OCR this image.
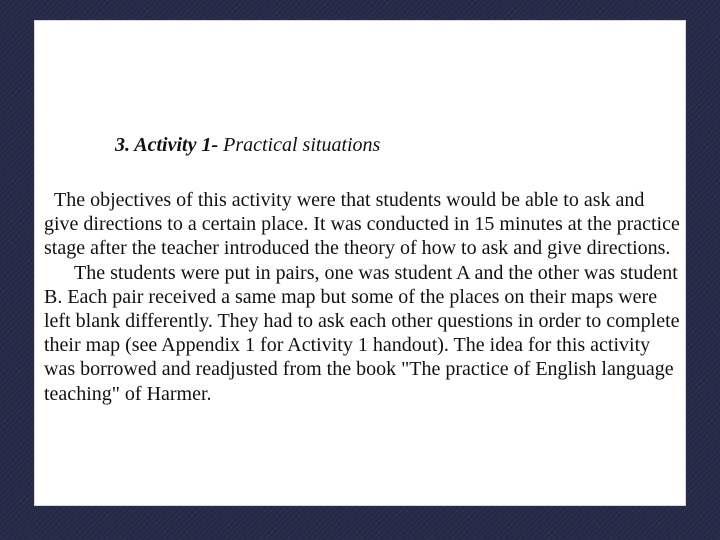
3. Activity 1- Practical situations

The objectives of this activity were that students would be able to ask and give directions to a certain place. It was conducted in 15 minutes at the practice stage after the teacher introduced the theory of how to ask and give directions.

The students were put in pairs, one was student A and the other was student B. Each pair received a same map but some of the places on their maps were left blank differently. They had to ask each other questions in order to complete their map (see Appendix 1 for Activity 1 handout). The idea for this activity was borrowed and readjusted from the book "The practice of English language teaching" of Harmer.
